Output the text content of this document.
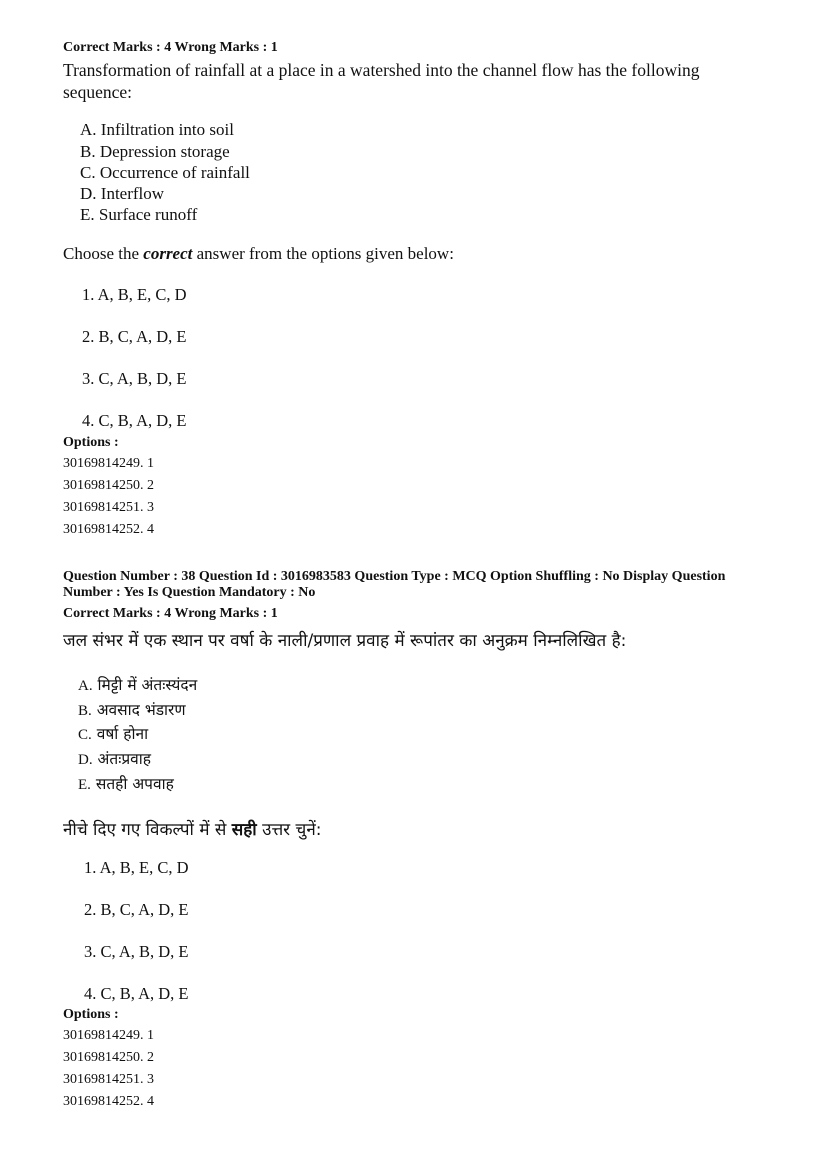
Correct Marks : 4 Wrong Marks : 1
Transformation of rainfall at a place in a watershed into the channel flow has the following
sequence:
A. Infiltration into soil
B. Depression storage
C. Occurrence of rainfall
D. Interflow
E. Surface runoff
Choose the correct answer from the options given below:
1. A, B, E, C, D
2. B, C, A, D, E
3. C, A, B, D, E
4. C, B, A, D, E
Options :
30169814249. 1
30169814250. 2
30169814251. 3
30169814252. 4
Question Number : 38 Question Id : 3016983583 Question Type : MCQ Option Shuffling : No Display Question
Number : Yes Is Question Mandatory : No
Correct Marks : 4 Wrong Marks : 1
जल संभर में एक स्थान पर वर्षा के नाली/प्रणाल प्रवाह में रूपांतर का अनुक्रम निम्नलिखित है:
A. मिट्टी में अंतःस्यंदन
B. अवसाद भंडारण
C. वर्षा होना
D. अंतःप्रवाह
E. सतही अपवाह
नीचे दिए गए विकल्पों में से सही उत्तर चुनें:
1. A, B, E, C, D
2. B, C, A, D, E
3. C, A, B, D, E
4. C, B, A, D, E
Options :
30169814249. 1
30169814250. 2
30169814251. 3
30169814252. 4
